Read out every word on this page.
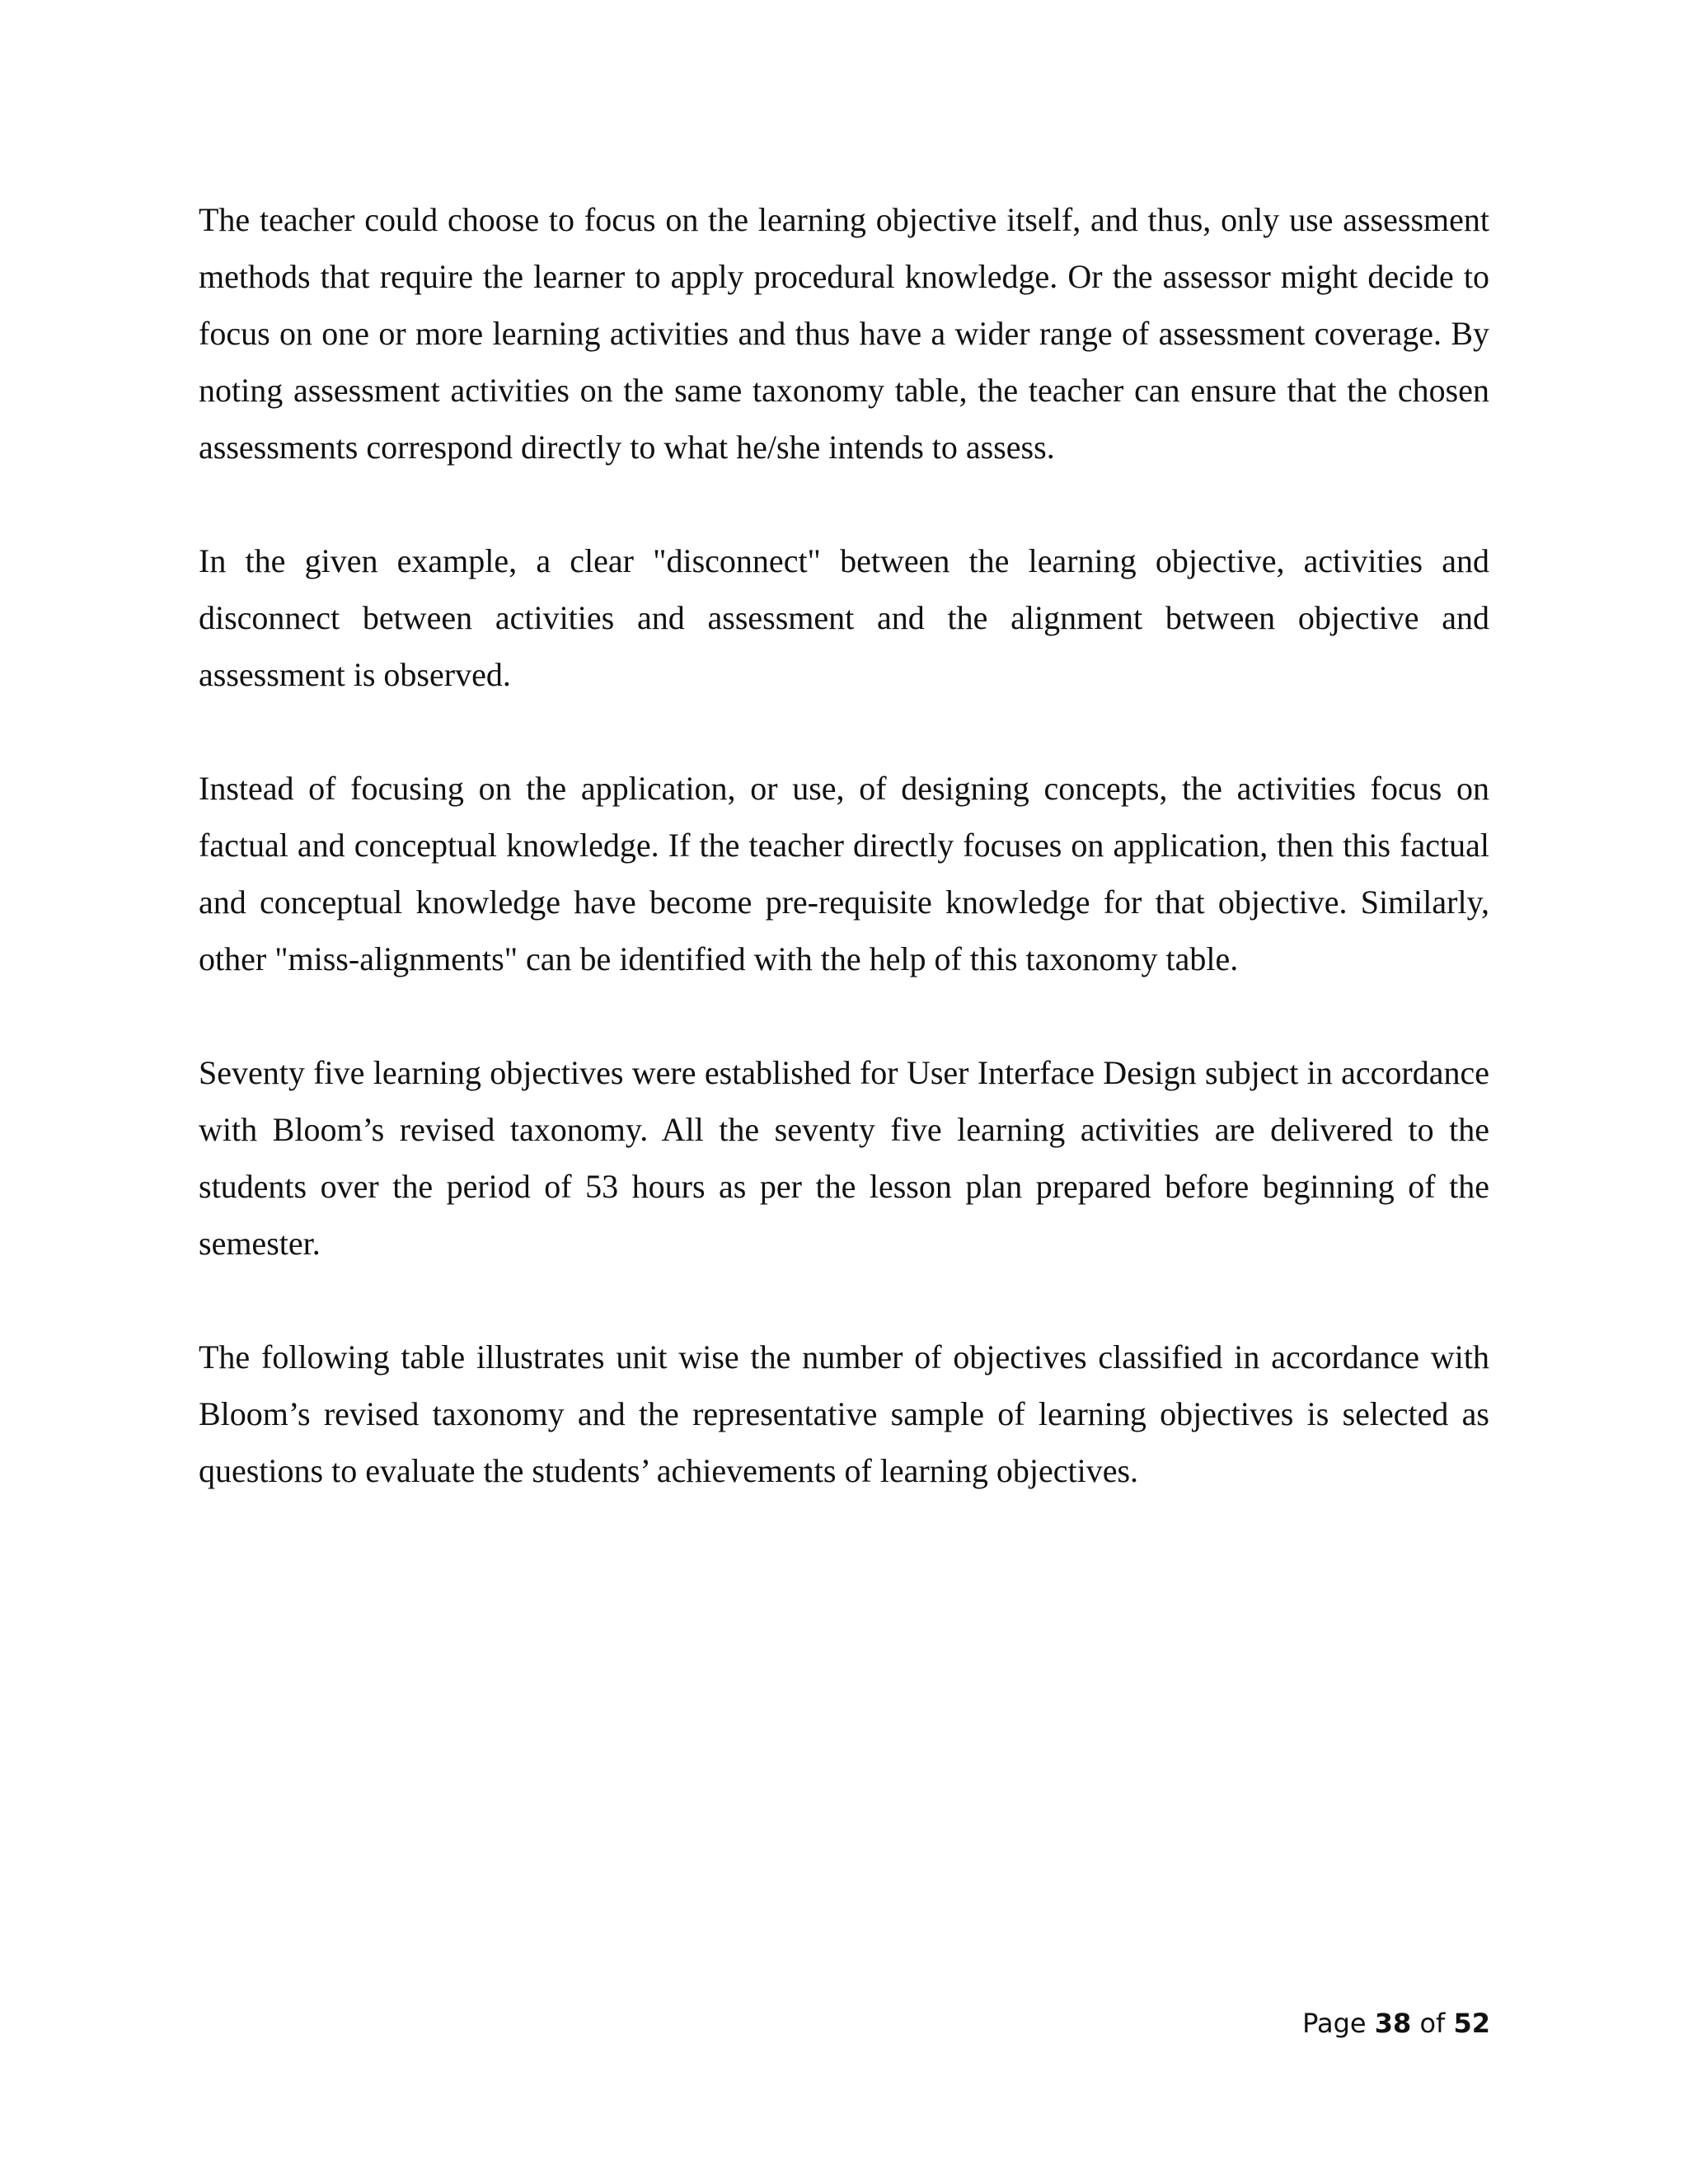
The teacher could choose to focus on the learning objective itself, and thus, only use assessment methods that require the learner to apply procedural knowledge. Or the assessor might decide to focus on one or more learning activities and thus have a wider range of assessment coverage. By noting assessment activities on the same taxonomy table, the teacher can ensure that the chosen assessments correspond directly to what he/she intends to assess.

In the given example, a clear "disconnect" between the learning objective, activities and disconnect between activities and assessment and the alignment between objective and assessment is observed.

Instead of focusing on the application, or use, of designing concepts, the activities focus on factual and conceptual knowledge. If the teacher directly focuses on application, then this factual and conceptual knowledge have become pre-requisite knowledge for that objective. Similarly, other "miss-alignments" can be identified with the help of this taxonomy table.

Seventy five learning objectives were established for User Interface Design subject in accordance with Bloom’s revised taxonomy. All the seventy five learning activities are delivered to the students over the period of 53 hours as per the lesson plan prepared before beginning of the semester.

The following table illustrates unit wise the number of objectives classified in accordance with Bloom’s revised taxonomy and the representative sample of learning objectives is selected as questions to evaluate the students’ achievements of learning objectives.

Page 38 of 52
